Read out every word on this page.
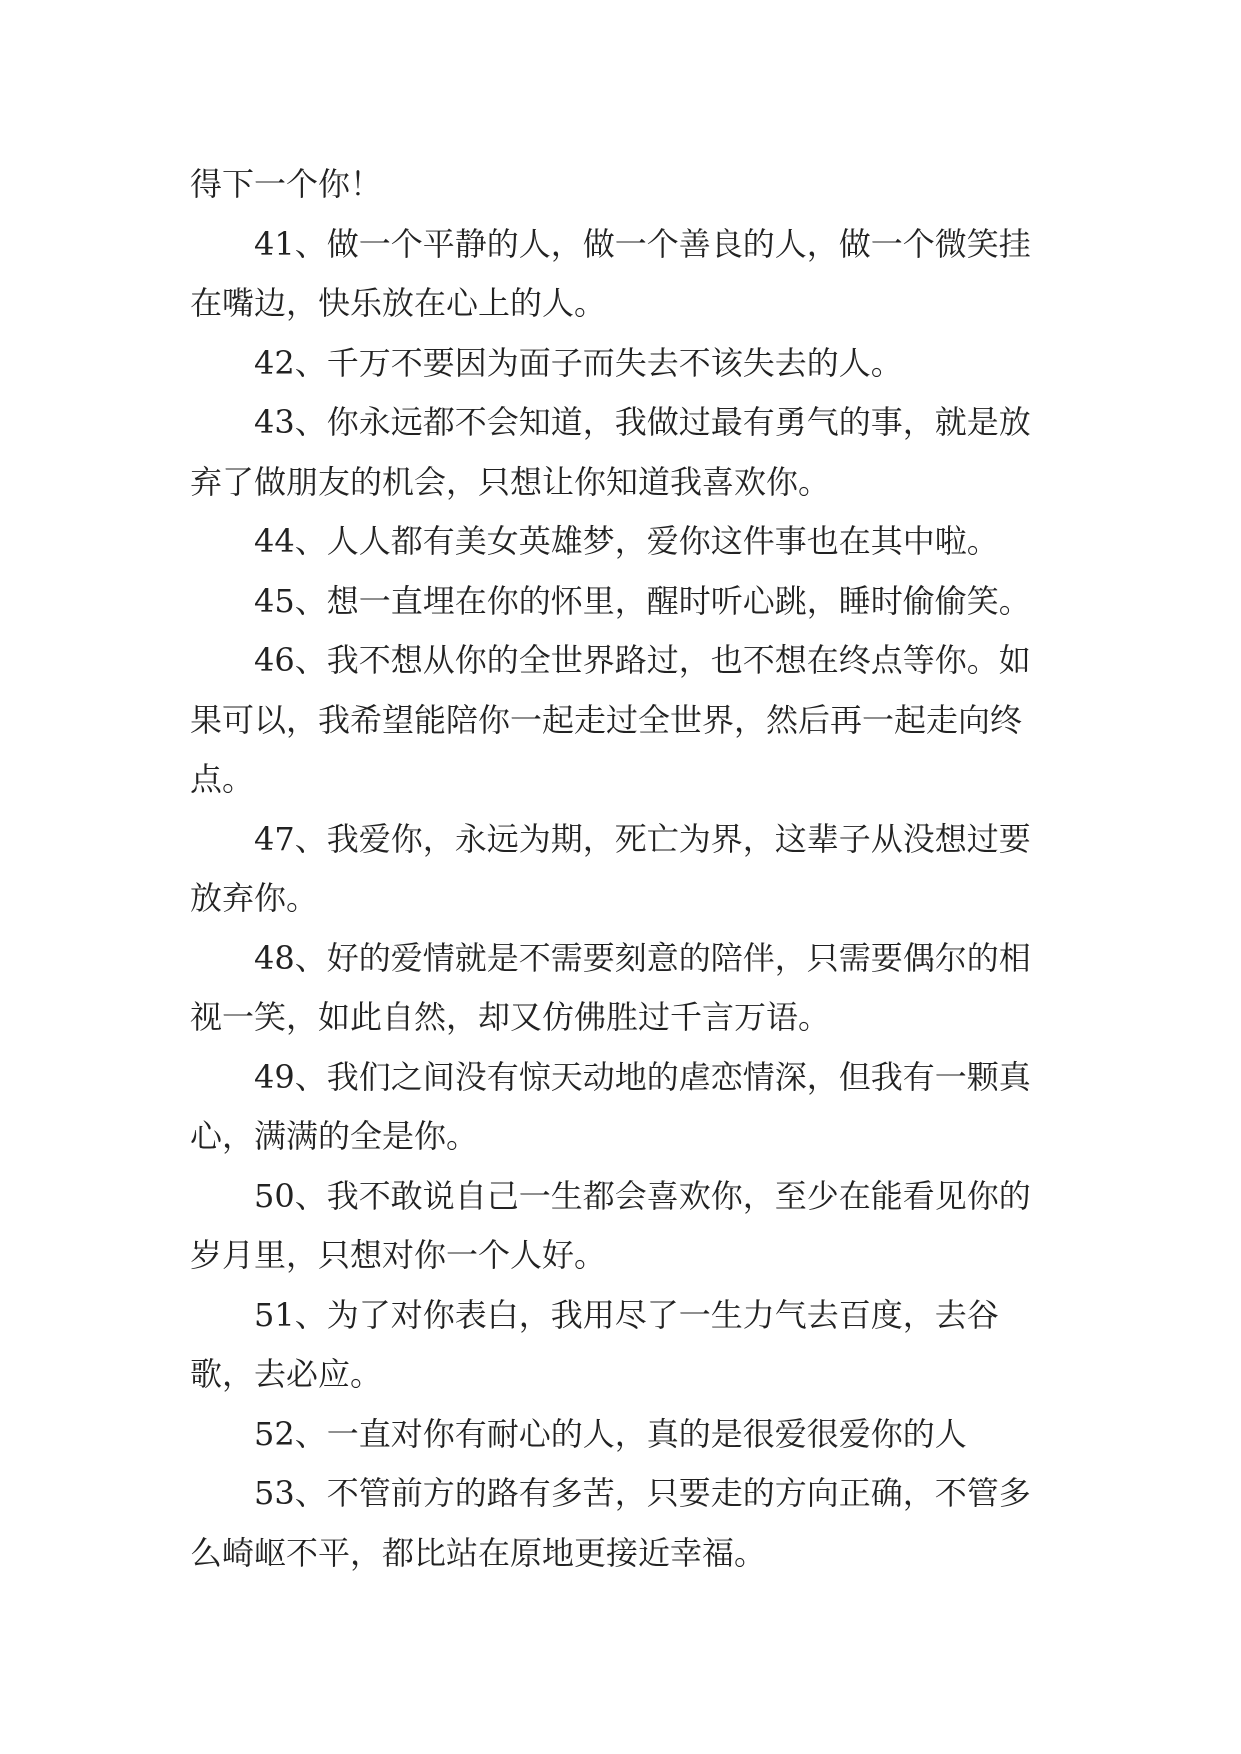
得下一个你！

41、做一个平静的人，做一个善良的人，做一个微笑挂在嘴边，快乐放在心上的人。

42、千万不要因为面子而失去不该失去的人。

43、你永远都不会知道，我做过最有勇气的事，就是放弃了做朋友的机会，只想让你知道我喜欢你。

44、人人都有美女英雄梦，爱你这件事也在其中啦。

45、想一直埋在你的怀里，醒时听心跳，睡时偷偷笑。

46、我不想从你的全世界路过，也不想在终点等你。如果可以，我希望能陪你一起走过全世界，然后再一起走向终点。

47、我爱你，永远为期，死亡为界，这辈子从没想过要放弃你。

48、好的爱情就是不需要刻意的陪伴，只需要偶尔的相视一笑，如此自然，却又仿佛胜过千言万语。

49、我们之间没有惊天动地的虐恋情深，但我有一颗真心，满满的全是你。

50、我不敢说自己一生都会喜欢你，至少在能看见你的岁月里，只想对你一个人好。

51、为了对你表白，我用尽了一生力气去百度，去谷歌，去必应。

52、一直对你有耐心的人，真的是很爱很爱你的人

53、不管前方的路有多苦，只要走的方向正确，不管多么崎岖不平，都比站在原地更接近幸福。
